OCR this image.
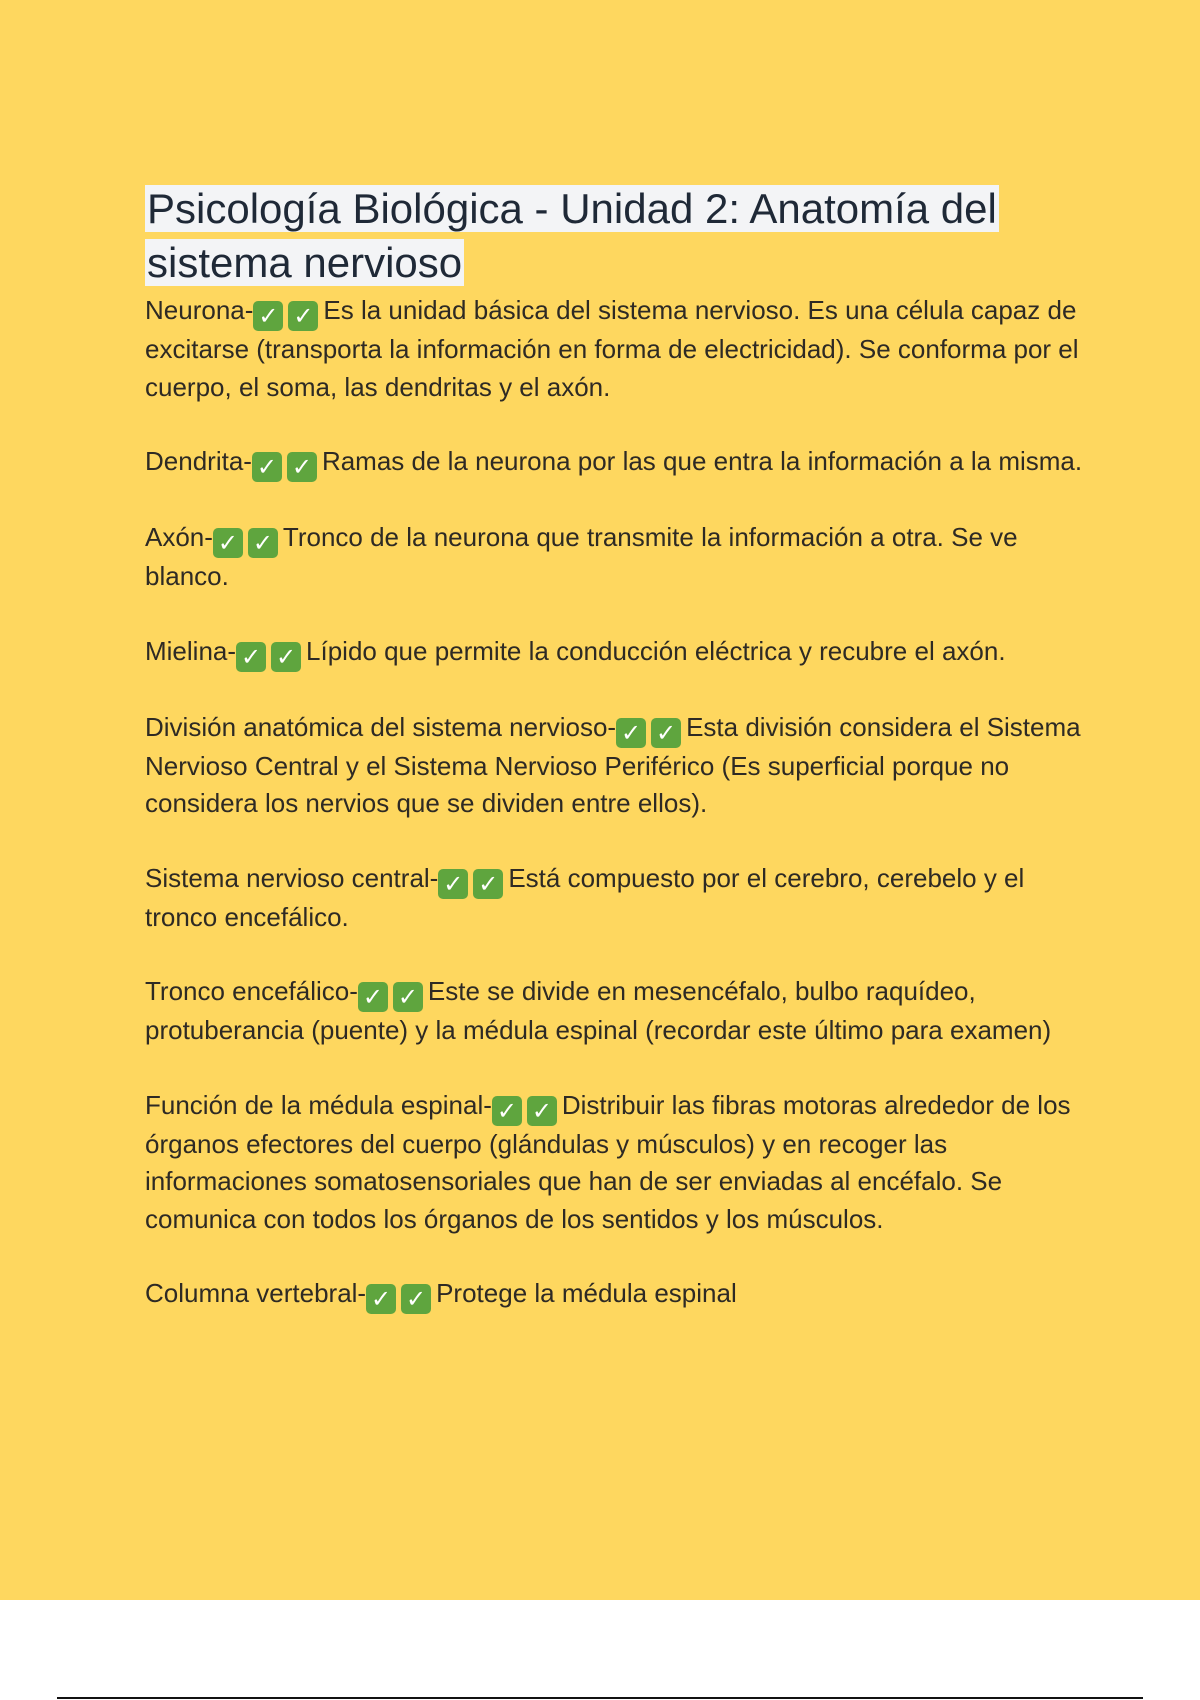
Psicología Biológica - Unidad 2: Anatomía del sistema nervioso

Neurona- ✓ ✓ Es la unidad básica del sistema nervioso. Es una célula capaz de excitarse (transporta la información en forma de electricidad). Se conforma por el cuerpo, el soma, las dendritas y el axón.

Dendrita- ✓ ✓ Ramas de la neurona por las que entra la información a la misma.

Axón- ✓ ✓ Tronco de la neurona que transmite la información a otra. Se ve blanco.

Mielina- ✓ ✓ Lípido que permite la conducción eléctrica y recubre el axón.

División anatómica del sistema nervioso- ✓ ✓ Esta división considera el Sistema Nervioso Central y el Sistema Nervioso Periférico (Es superficial porque no considera los nervios que se dividen entre ellos).

Sistema nervioso central- ✓ ✓ Está compuesto por el cerebro, cerebelo y el tronco encefálico.

Tronco encefálico- ✓ ✓ Este se divide en mesencéfalo, bulbo raquídeo, protuberancia (puente) y la médula espinal (recordar este último para examen)

Función de la médula espinal- ✓ ✓ Distribuir las fibras motoras alrededor de los órganos efectores del cuerpo (glándulas y músculos) y en recoger las informaciones somatosensoriales que han de ser enviadas al encéfalo. Se comunica con todos los órganos de los sentidos y los músculos.

Columna vertebral- ✓ ✓ Protege la médula espinal
